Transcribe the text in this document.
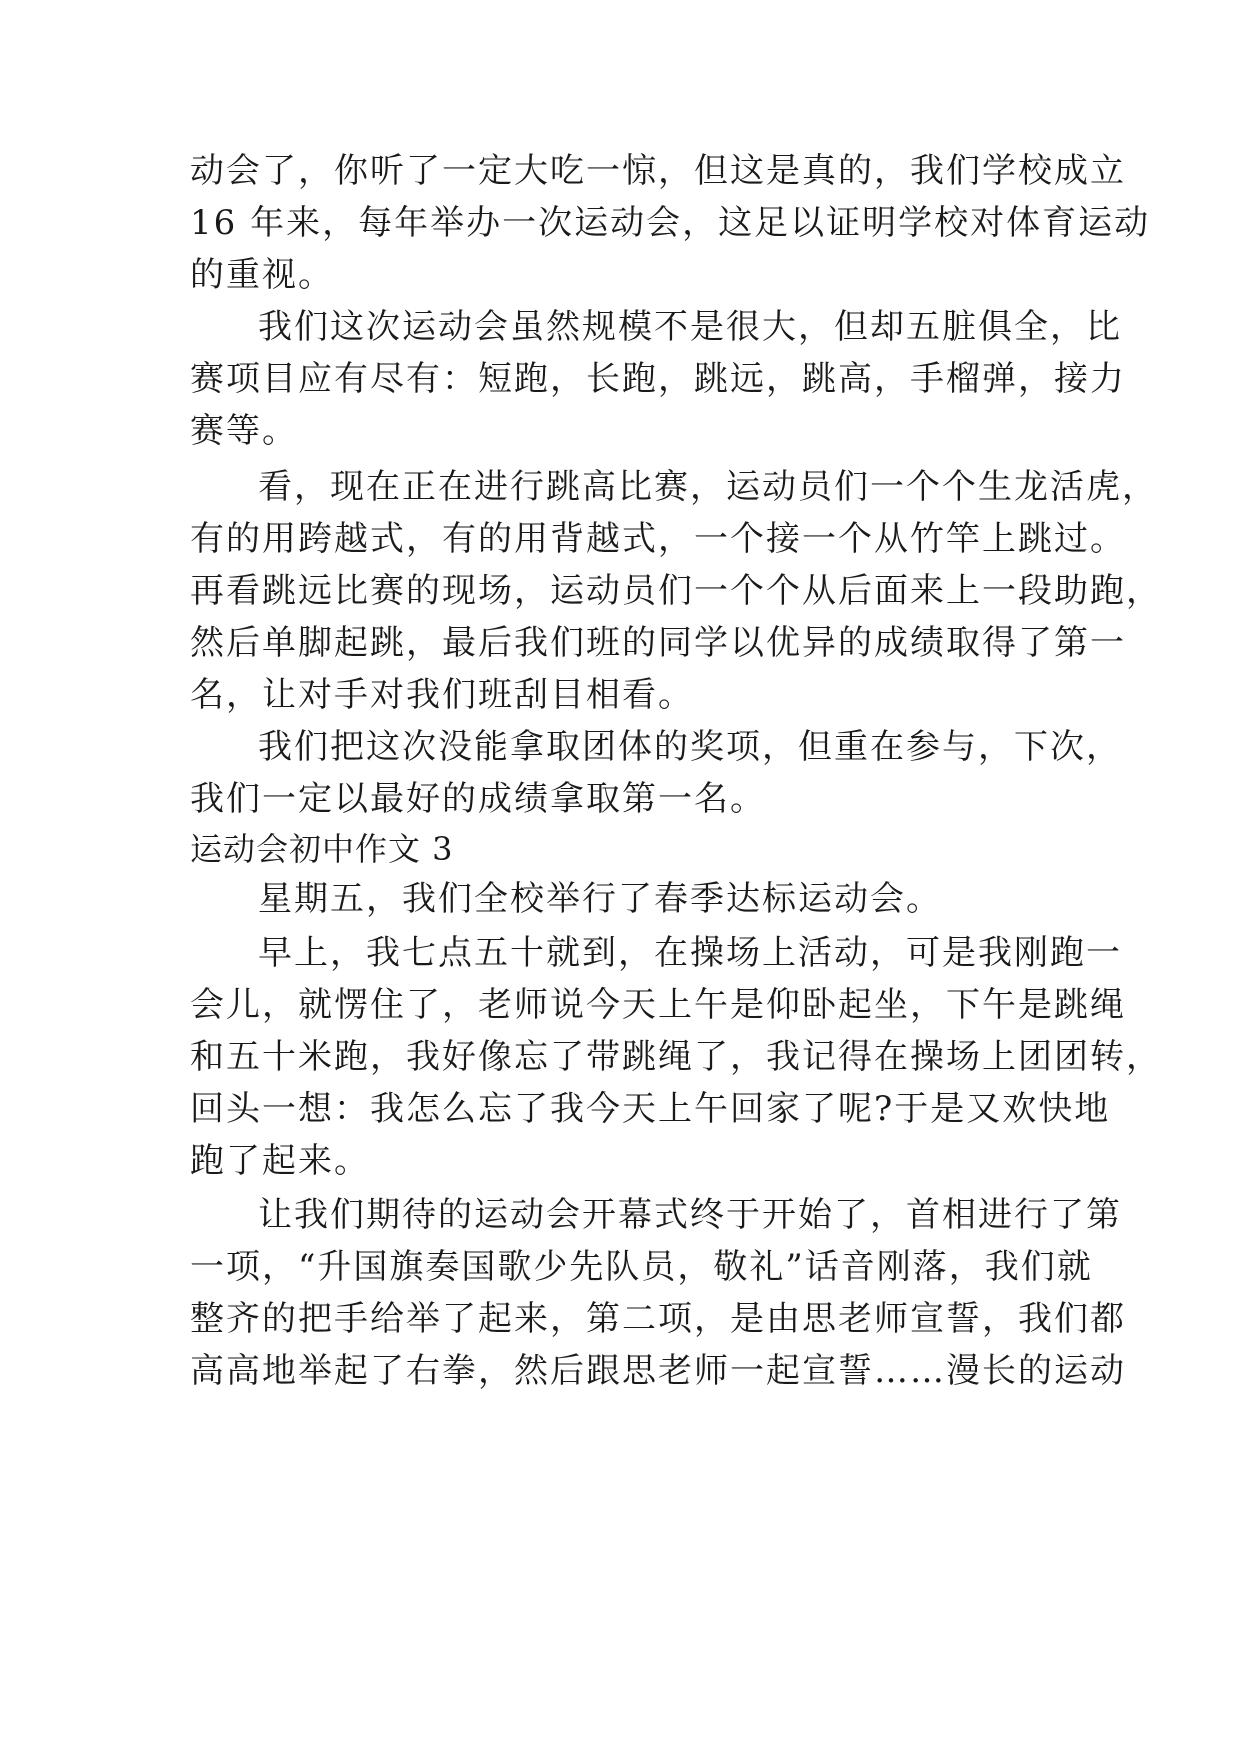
动会了，你听了一定大吃一惊，但这是真的，我们学校成立
16 年来，每年举办一次运动会，这足以证明学校对体育运动
的重视。
我们这次运动会虽然规模不是很大，但却五脏俱全，比
赛项目应有尽有：短跑，长跑，跳远，跳高，手榴弹，接力
赛等。
看，现在正在进行跳高比赛，运动员们一个个生龙活虎，
有的用跨越式，有的用背越式，一个接一个从竹竿上跳过。
再看跳远比赛的现场，运动员们一个个从后面来上一段助跑，
然后单脚起跳，最后我们班的同学以优异的成绩取得了第一
名，让对手对我们班刮目相看。
我们把这次没能拿取团体的奖项，但重在参与，下次，
我们一定以最好的成绩拿取第一名。
运动会初中作文 3
星期五，我们全校举行了春季达标运动会。
早上，我七点五十就到，在操场上活动，可是我刚跑一
会儿，就愣住了，老师说今天上午是仰卧起坐，下午是跳绳
和五十米跑，我好像忘了带跳绳了，我记得在操场上团团转，
回头一想：我怎么忘了我今天上午回家了呢?于是又欢快地
跑了起来。
让我们期待的运动会开幕式终于开始了，首相进行了第
一项，“升国旗奏国歌少先队员，敬礼”话音刚落，我们就
整齐的把手给举了起来，第二项，是由思老师宣誓，我们都
高高地举起了右拳，然后跟思老师一起宣誓……漫长的运动
